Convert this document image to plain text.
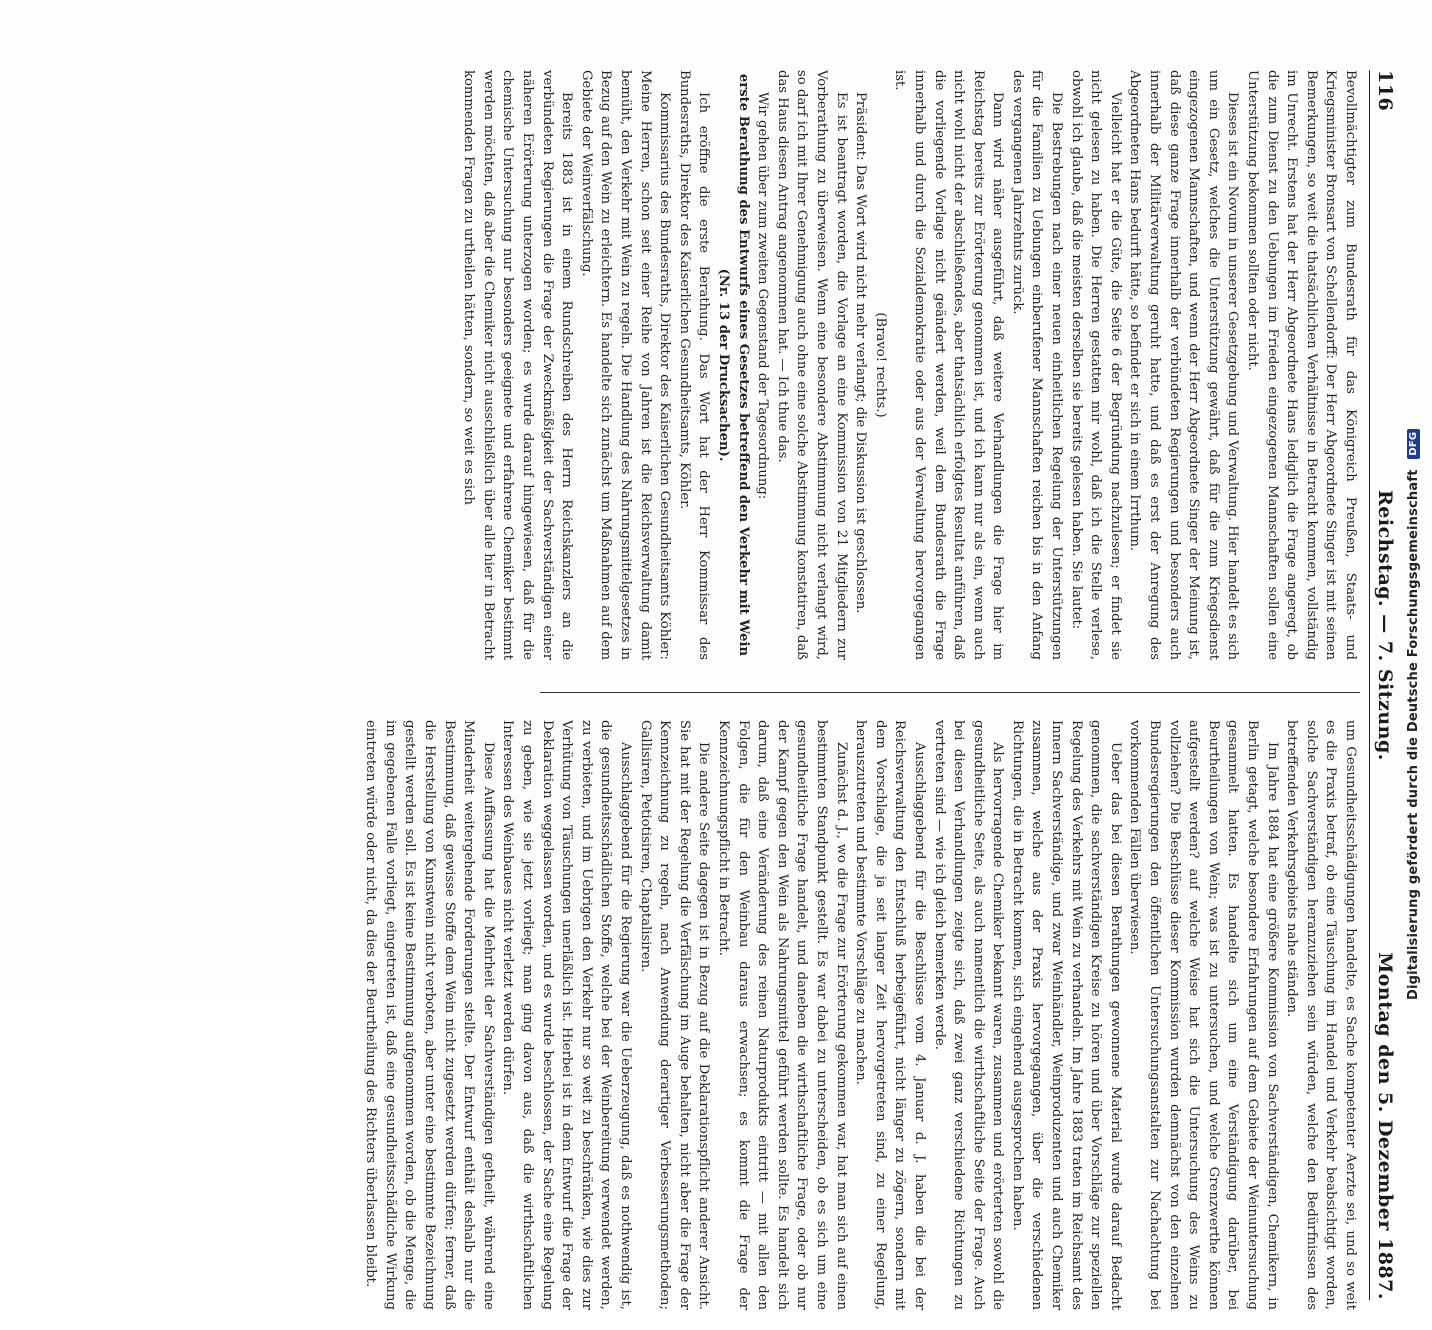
116
Reichstag. — 7. Sitzung.
Montag den 5. Dezember 1887.

Bevollmächtigter zum Bundesrath für das Königreich Preußen, Staats- und Kriegsminister Bronsart von Schellendorff: Der Herr Abgeordnete Singer ist mit seinen Bemerkungen, so weit die thatsächlichen Verhältnisse in Betracht kommen, vollständig im Unrecht. Erstens hat der Herr Abgeordnete Hans lediglich die Frage angeregt, ob die zum Dienst zu den Uebungen im Frieden eingezogenen Mannschaften sollen eine Unterstützung bekommen sollten oder nicht.

Dieses ist ein Novum in unserer Gesetzgebung und Verwaltung. Hier handelt es sich um ein Gesetz, welches die Unterstützung gewährt, daß für die zum Kriegsdienst eingezogenen Mannschaften, und wenn der Herr Abgeordnete Singer der Meinung ist, daß diese ganze Frage innerhalb der verbündeten Regierungen und besonders auch innerhalb der Militärverwaltung geruht hatte, und daß es erst der Anregung des Abgeordneten Hans bedurft hätte, so befindet er sich in einem Irrthum.

Vielleicht hat er die Güte, die Seite 6 der Begründung nachzulesen; er findet sie nicht gelesen zu haben. Die Herren gestatten mir wohl, daß ich die Stelle verlese, obwohl ich glaube, daß die meisten derselben sie bereits gelesen haben. Sie lautet:

Die Bestrebungen nach einer neuen einheitlichen Regelung der Unterstützungen für die Familien zu Uebungen einberufener Mannschaften reichen bis in den Anfang des vergangenen Jahrzehnts zurück.

Dann wird näher ausgeführt, daß weitere Verhandlungen die Frage hier im Reichstag bereits zur Erörterung genommen ist, und ich kann nur als ein, wenn auch nicht wohl nicht der abschließendes, aber thatsächlich erfolgtes Resultat anführen, daß die vorliegende Vorlage nicht geändert werden, weil dem Bundesrath die Frage innerhalb und durch die Sozialdemokratie oder aus der Verwaltung hervorgegangen ist.

(Bravo! rechts.)

Präsident: Das Wort wird nicht mehr verlangt; die Diskussion ist geschlossen.

Es ist beantragt worden, die Vorlage an eine Kommission von 21 Mitgliedern zur Vorberathung zu überweisen. Wenn eine besondere Abstimmung nicht verlangt wird, so darf ich mit Ihrer Genehmigung auch ohne eine solche Abstimmung konstatiren, daß das Haus diesen Antrag angenommen hat. — Ich thue das.

Wir gehen über zum zweiten Gegenstand der Tagesordnung:

erste Berathung des Entwurfs eines Gesetzes betreffend den Verkehr mit Wein (Nr. 13 der Drucksachen).

Ich eröffne die erste Berathung. Das Wort hat der Herr Kommissar des Bundesraths, Direktor des Kaiserlichen Gesundheitsamts, Köhler.

Kommissarius des Bundesraths, Direktor des Kaiserlichen Gesundheitsamts Köhler: Meine Herren, schon seit einer Reihe von Jahren ist die Reichsverwaltung damit bemüht, den Verkehr mit Wein zu regeln. Die Handlung des Nahrungsmittelgesetzes in Bezug auf den Wein zu erleichtern. Es handelte sich zunächst um Maßnahmen auf dem Gebiete der Weinverfälschung.

Bereits 1883 ist in einem Rundschreiben des Herrn Reichskanzlers an die verbündeten Regierungen die Frage der Zweckmäßigkeit der Sachverständigen einer näheren Erörterung unterzogen worden; es wurde darauf hingewiesen, daß für die chemische Untersuchung nur besonders geeignete und erfahrene Chemiker bestimmt werden möchten, daß aber die Chemiker nicht ausschließlich über alle hier in Betracht kommenden Fragen zu urtheilen hätten, sondern, so weit es sich

um Gesundheitsschädigungen handelte, es Sache kompetenter Aerzte sei, und so weit es die Praxis betraf, ob eine Täuschung im Handel und Verkehr beabsichtigt worden, solche Sachverständigen heranzuziehen sein würden, welche den Bedürfnissen des betreffenden Verkehrsgebiets nahe ständen.

Im Jahre 1884 hat eine größere Kommission von Sachverständigen, Chemikern, in Berlin getagt, welche besondere Erfahrungen auf dem Gebiete der Weinuntersuchung gesammelt hatten. Es handelte sich um eine Verständigung darüber, bei Beurtheilungen von Wein; was ist zu untersuchen, und welche Grenzwerthe können aufgestellt werden? auf welche Weise hat sich die Untersuchung des Weins zu vollziehen? Die Beschlüsse dieser Kommission wurden demnächst von den einzelnen Bundesregierungen den öffentlichen Untersuchungsanstalten zur Nachachtung bei vorkommenden Fällen überwiesen.

Ueber das bei diesen Berathungen gewonnene Material wurde darauf Bedacht genommen, die sachverständigen Kreise zu hören und über Vorschläge zur speziellen Regelung des Verkehrs mit Wein zu verhandeln. Im Jahre 1883 traten im Reichsamt des Innern Sachverständige, und zwar Weinhändler, Weinproduzenten und auch Chemiker zusammen, welche aus der Praxis hervorgegangen, über die verschiedenen Richtungen, die in Betracht kommen, sich eingehend ausgesprochen haben.

Als hervorragende Chemiker bekannt waren, zusammen und erörterten sowohl die gesundheitliche Seite, als auch namentlich die wirthschaftliche Seite der Frage. Auch bei diesen Verhandlungen zeigte sich, daß zwei ganz verschiedene Richtungen zu vertreten sind — wie ich gleich bemerken werde.

Ausschlaggebend für die Beschlüsse vom 4. Januar d. J. haben die bei der Reichsverwaltung den Entschluß herbeigeführt, nicht länger zu zögern, sondern mit dem Vorschlage, die ja seit langer Zeit hervorgetreten sind, zu einer Regelung, herauszutreten und bestimmte Vorschläge zu machen.

Zunächst d. J., wo die Frage zur Erörterung gekommen war, hat man sich auf einen bestimmten Standpunkt gestellt. Es war dabei zu unterscheiden, ob es sich um eine gesundheitliche Frage handelt, und daneben die wirthschaftliche Frage, oder ob nur der Kampf gegen den Wein als Nahrungsmittel geführt werden sollte. Es handelt sich darum, daß eine Veränderung des reinen Naturprodukts eintritt — mit allen den Folgen, die für den Weinbau daraus erwachsen; es kommt die Frage der Kennzeichnungspflicht in Betracht.

Die andere Seite dagegen ist in Bezug auf die Deklarationspflicht anderer Ansicht. Sie hat mit der Regelung die Verfälschung im Auge behalten, nicht aber die Frage der Kennzeichnung zu regeln, nach Anwendung derartiger Verbesserungsmethoden; Gallisiren, Petiotisiren, Chaptalisiren.

Ausschlaggebend für die Regierung war die Ueberzeugung, daß es nothwendig ist, die gesundheitsschädlichen Stoffe, welche bei der Weinbereitung verwendet werden, zu verbieten, und im Uebrigen den Verkehr nur so weit zu beschränken, wie dies zur Verhütung von Täuschungen unerläßlich ist. Hierbei ist in dem Entwurf die Frage der Deklaration weggelassen worden, und es wurde beschlossen, der Sache eine Regelung zu geben, wie sie jetzt vorliegt; man ging davon aus, daß die wirthschaftlichen Interessen des Weinbaues nicht verletzt werden dürfen.

Diese Auffassung hat die Mehrheit der Sachverständigen getheilt, während eine Minderheit weitergehende Forderungen stellte. Der Entwurf enthält deshalb nur die Bestimmung, daß gewisse Stoffe dem Wein nicht zugesetzt werden dürfen; ferner, daß die Herstellung von Kunstwein nicht verboten, aber unter eine bestimmte Bezeichnung gestellt werden soll. Es ist keine Bestimmung aufgenommen worden, ob die Menge, die im gegebenen Falle vorliegt, eingetreten ist, daß eine gesundheitsschädliche Wirkung eintreten würde oder nicht, da dies der Beurtheilung des Richters überlassen bleibt.	Digitalisierung gefördert durch die Deutsche Forschungsgemeinschaft DFG
